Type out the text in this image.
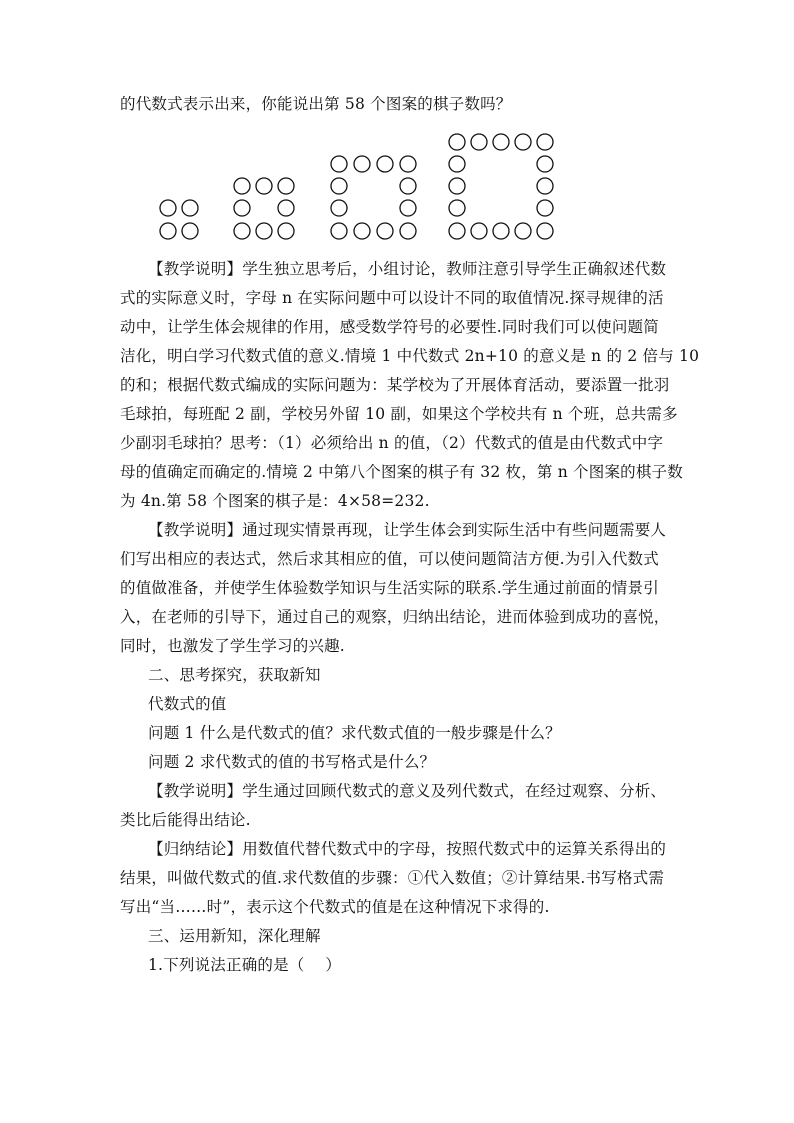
的代数式表示出来，你能说出第 58 个图案的棋子数吗？
【教学说明】学生独立思考后，小组讨论，教师注意引导学生正确叙述代数
式的实际意义时，字母 n 在实际问题中可以设计不同的取值情况.探寻规律的活
动中，让学生体会规律的作用，感受数学符号的必要性.同时我们可以使问题简
洁化，明白学习代数式值的意义.情境 1 中代数式 2n+10 的意义是 n 的 2 倍与 10
的和；根据代数式编成的实际问题为：某学校为了开展体育活动，要添置一批羽
毛球拍，每班配 2 副，学校另外留 10 副，如果这个学校共有 n 个班，总共需多
少副羽毛球拍？思考：（1）必须给出 n 的值，（2）代数式的值是由代数式中字
母的值确定而确定的.情境 2 中第八个图案的棋子有 32 枚，第 n 个图案的棋子数
为 4n.第 58 个图案的棋子是：4×58=232.
【教学说明】通过现实情景再现，让学生体会到实际生活中有些问题需要人
们写出相应的表达式，然后求其相应的值，可以使问题简洁方便.为引入代数式
的值做准备，并使学生体验数学知识与生活实际的联系.学生通过前面的情景引
入，在老师的引导下，通过自己的观察，归纳出结论，进而体验到成功的喜悦，
同时，也激发了学生学习的兴趣.
二、思考探究，获取新知
代数式的值
问题 1 什么是代数式的值？求代数式值的一般步骤是什么？
问题 2 求代数式的值的书写格式是什么？
【教学说明】学生通过回顾代数式的意义及列代数式，在经过观察、分析、
类比后能得出结论.
【归纳结论】用数值代替代数式中的字母，按照代数式中的运算关系得出的
结果，叫做代数式的值.求代数值的步骤：①代入数值；②计算结果.书写格式需
写出“当……时”，表示这个代数式的值是在这种情况下求得的.
三、运用新知，深化理解
1.下列说法正确的是（　 ）
